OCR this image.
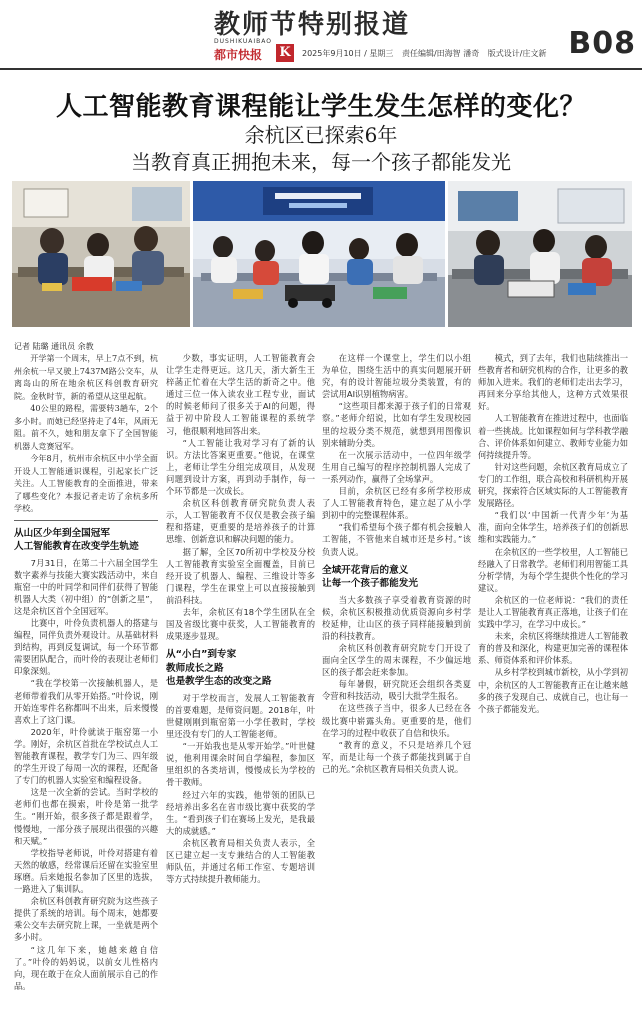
教师节特别报道
DUSHIKUAIBAO
都市快报 K	2025年9月10日 / 星期三 责任编辑/田海智 潘奇 版式设计/庄文新 B08
人工智能教育课程能让学生发生怎样的变化？
余杭区已探索6年
当教育真正拥抱未来，每一个孩子都能发光
记者 陆璐 通讯员 余教

开学第一个周末，早上7点不到，杭州余杭一早又驶上7437M路公交车，从离岛山的所在地余杭区科创教育研究院。金秋时节，新的希望从这里起航。

40公里的路程，需要转3趟车，2个多小时。而她已经坚持走了4年，风雨无阻。前不久，她和朋友拿下了全国智能机器人竞赛冠军。

今年8月，杭州市余杭区中小学全面开设人工智能通识课程，引起家长广泛关注。人工智能教育的全面推进，带来了哪些变化？本报记者走访了余杭多所学校。

从山区少年到全国冠军
人工智能教育在改变学生轨迹

7月31日，在第二十六届全国学生数字素养与技能大赛实践活动中，来自瓶窑一中的叶同学和同伴们获得了智能机器人大类（初中组）的“创新之星”，这是余杭区首个全国冠军。

比赛中，叶伶负责机器人的搭建与编程，同伴负责外观设计。从基础材料到结构，再到反复调试，每一个环节都需要团队配合，而叶伶的表现让老师们印象深刻。

“我在学校第一次接触机器人，是老师带着我们从零开始搭。”叶伶说，刚开始连零件名称都叫不出来，后来慢慢喜欢上了这门课。

2020年，叶伶就读于瓶窑第一小学。刚好，余杭区首批在学校试点人工智能教育课程，教学专门为三、四年级的学生开设了每周一次的课程，还配备了专门的机器人实验室和编程设备。

这是一次全新的尝试。当时学校的老师们也都在摸索，叶伶是第一批学生。“刚开始，很多孩子都是跟着学，慢慢地，一部分孩子展现出很强的兴趣和天赋。”

学校指导老师说，叶伶对搭建有着天然的敏感，经常课后还留在实验室里琢磨。后来她报名参加了区里的选拔，一路进入了集训队。

余杭区科创教育研究院为这些孩子提供了系统的培训。每个周末，她都要乘公交车去研究院上课，一坐就是两个多小时。

“这几年下来，她越来越自信了。”叶伶的妈妈说，以前女儿性格内向，现在敢于在众人面前展示自己的作品。

少数，事实证明，人工智能教育会让学生走得更远。这几天，浙大新生王梓菡正忙着在大学生活的新奇之中。他通过三位一体入读农业工程专业，面试的时候老师问了很多关于AI的问题，得益于初中阶段人工智能课程的系统学习，他很顺利地回答出来。

“人工智能让我对学习有了新的认识。方法比答案更重要。”他说，在课堂上，老师让学生分组完成项目，从发现问题到设计方案，再到动手制作，每一个环节都是一次成长。

余杭区科创教育研究院负责人表示，人工智能教育不仅仅是教会孩子编程和搭建，更重要的是培养孩子的计算思维、创新意识和解决问题的能力。

据了解，全区70所初中学校及分校人工智能教育实验室全面覆盖，目前已经开设了机器人、编程、三维设计等多门课程，学生在课堂上可以直接接触到前沿科技。

去年，余杭区有18个学生团队在全国及省级比赛中获奖，人工智能教育的成果逐步显现。

从“小白”到专家
教师成长之路
也是教学生态的改变之路

对于学校而言，发展人工智能教育的首要难题，是师资问题。2018年，叶世健刚刚到瓶窑第一小学任教时，学校里还没有专门的人工智能老师。

“一开始我也是从零开始学。”叶世健说，他利用课余时间自学编程，参加区里组织的各类培训，慢慢成长为学校的骨干教师。

经过六年的实践，他带领的团队已经培养出多名在省市级比赛中获奖的学生。“看到孩子们在赛场上发光，是我最大的成就感。”

余杭区教育局相关负责人表示，全区已建立起一支专兼结合的人工智能教师队伍，并通过名师工作室、专题培训等方式持续提升教师能力。

在这样一个课堂上，学生们以小组为单位，围绕生活中的真实问题展开研究，有的设计智能垃圾分类装置，有的尝试用AI识别植物病害。

“这些项目都来源于孩子们的日常观察。”老师介绍说，比如有学生发现校园里的垃圾分类不规范，就想到用图像识别来辅助分类。

在一次展示活动中，一位四年级学生用自己编写的程序控制机器人完成了一系列动作，赢得了全场掌声。

目前，余杭区已经有多所学校形成了人工智能教育特色，建立起了从小学到初中的完整课程体系。

“我们希望每个孩子都有机会接触人工智能，不管他来自城市还是乡村。”该负责人说。

全域开花背后的意义
让每一个孩子都能发光

当大多数孩子享受着教育资源的时候，余杭区积极推动优质资源向乡村学校延伸，让山区的孩子同样能接触到前沿的科技教育。

余杭区科创教育研究院专门开设了面向全区学生的周末课程，不少偏远地区的孩子都会赶来参加。

每年暑假，研究院还会组织各类夏令营和科技活动，吸引大批学生报名。

在这些孩子当中，很多人已经在各级比赛中崭露头角。更重要的是，他们在学习的过程中收获了自信和快乐。

“教育的意义，不只是培养几个冠军，而是让每一个孩子都能找到属于自己的光。”余杭区教育局相关负责人说。

模式，到了去年，我们也陆续推出一些教育者和研究机构的合作，让更多的教师加入进来。我们的老师们走出去学习，再回来分享给其他人，这种方式效果很好。

人工智能教育在推进过程中，也面临着一些挑战。比如课程如何与学科教学融合、评价体系如何建立、教师专业能力如何持续提升等。

针对这些问题，余杭区教育局成立了专门的工作组，联合高校和科研机构开展研究，探索符合区域实际的人工智能教育发展路径。

“我们以‘中国新一代青少年’为基准，面向全体学生，培养孩子们的创新思维和实践能力。”

在余杭区的一些学校里，人工智能已经融入了日常教学。老师们利用智能工具分析学情，为每个学生提供个性化的学习建议。

余杭区的一位老师说：“我们的责任是让人工智能教育真正落地，让孩子们在实践中学习，在学习中成长。”

未来，余杭区将继续推进人工智能教育的普及和深化，构建更加完善的课程体系、师资体系和评价体系。

从乡村学校到城市新校，从小学到初中，余杭区的人工智能教育正在让越来越多的孩子发现自己、成就自己，也让每一个孩子都能发光。
